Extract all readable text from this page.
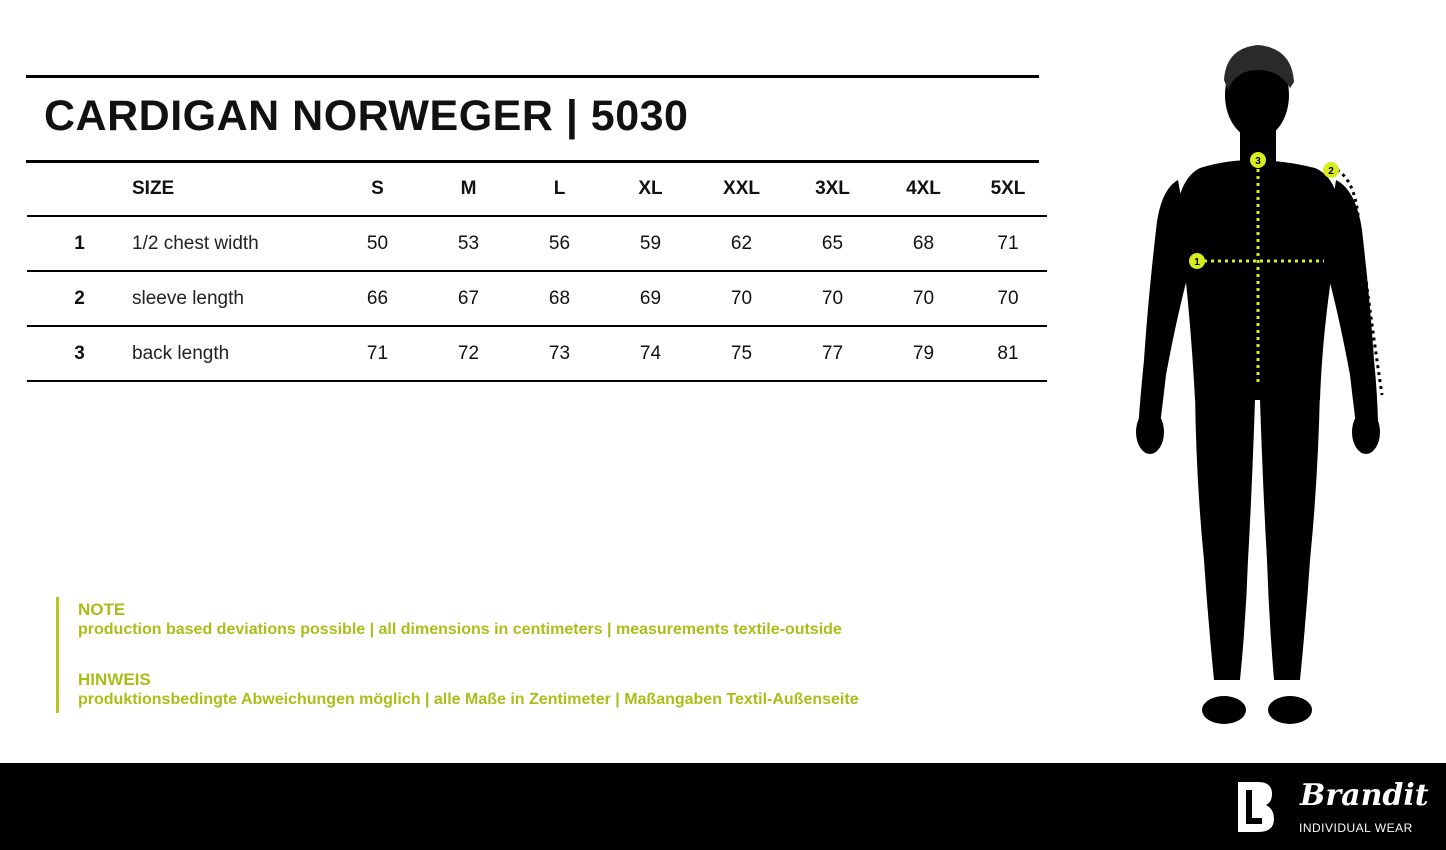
CARDIGAN NORWEGER | 5030
	SIZE	S	M	L	XL	XXL	3XL	4XL	5XL
1	1/2 chest width	50	53	56	59	62	65	68	71
2	sleeve length	66	67	68	69	70	70	70	70
3	back length	71	72	73	74	75	77	79	81
NOTE
production based deviations possible | all dimensions in centimeters | measurements textile-outside
HINWEIS
produktionsbedingte Abweichungen möglich | alle Maße in Zentimeter | Maßangaben Textil-Außenseite
1
2
3
Brandit
INDIVIDUAL WEAR
